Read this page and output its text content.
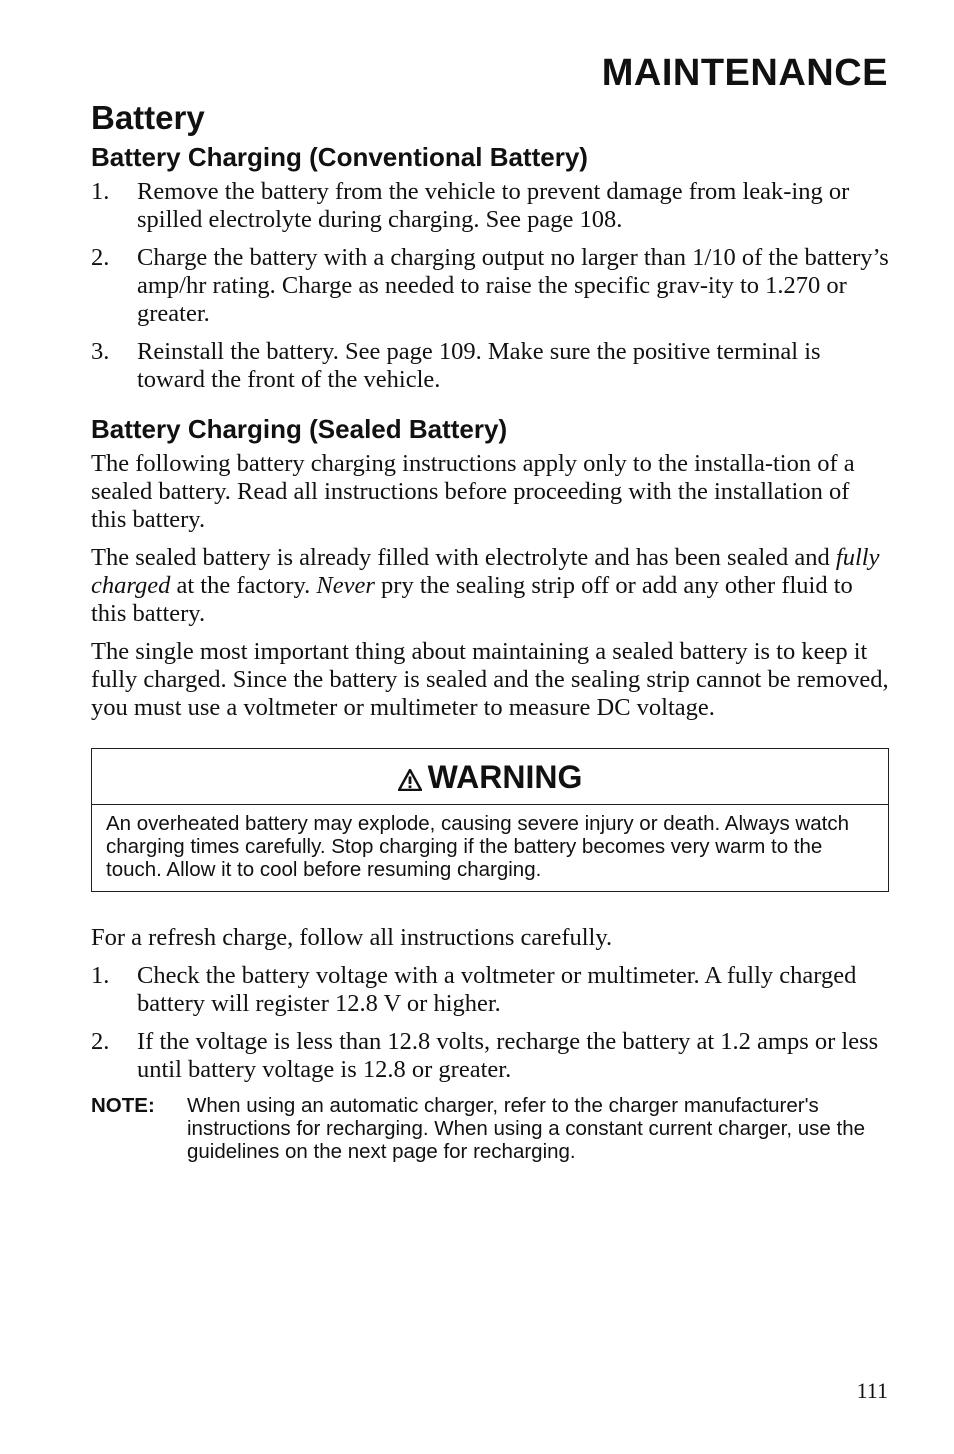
MAINTENANCE
Battery
Battery Charging (Conventional Battery)
1. Remove the battery from the vehicle to prevent damage from leak-ing or spilled electrolyte during charging. See page 108.
2. Charge the battery with a charging output no larger than 1/10 of the battery’s amp/hr rating. Charge as needed to raise the specific grav-ity to 1.270 or greater.
3. Reinstall the battery. See page 109. Make sure the positive terminal is toward the front of the vehicle.
Battery Charging (Sealed Battery)

The following battery charging instructions apply only to the installa-tion of a sealed battery. Read all instructions before proceeding with the installation of this battery.

The sealed battery is already filled with electrolyte and has been sealed and fully charged at the factory. Never pry the sealing strip off or add any other fluid to this battery.

The single most important thing about maintaining a sealed battery is to keep it fully charged. Since the battery is sealed and the sealing strip cannot be removed, you must use a voltmeter or multimeter to measure DC voltage.

WARNING
An overheated battery may explode, causing severe injury or death. Always watch charging times carefully. Stop charging if the battery becomes very warm to the touch. Allow it to cool before resuming charging.

For a refresh charge, follow all instructions carefully.

1. Check the battery voltage with a voltmeter or multimeter. A fully charged battery will register 12.8 V or higher.
2. If the voltage is less than 12.8 volts, recharge the battery at 1.2 amps or less until battery voltage is 12.8 or greater.
NOTE: When using an automatic charger, refer to the charger manufacturer's instructions for recharging. When using a constant current charger, use the guidelines on the next page for recharging.
111
